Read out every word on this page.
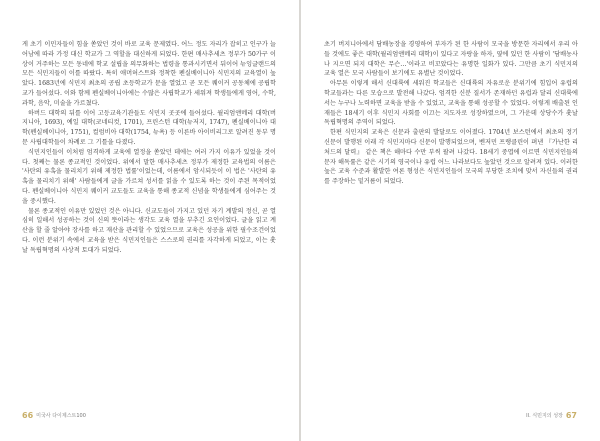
게 초기 이민자들이 힘을 쏟았던 것이 바로 교육 문제였다. 어느 정도 자리가 잡히고 인구가 늘어남에 따라 가정 대신 학교가 그 역할을 대신하게 되었다. 한편 매사추세츠 정부가 50가구 이상이 거주하는 모든 동네에 학교 설립을 의무화하는 법령을 통과시키면서 뒤이어 뉴잉글랜드의 모든 식민지들이 이를 따랐다. 특히 애머허스트와 정착한 펜실베이니아 식민지의 교육열이 높았다. 1683년에 식민지 최초의 공립 초등학교가 문을 열었고 곧 모든 퀘이커 공동체에 공립학교가 들어섰다. 이와 함께 펜실베이니아에는 수많은 사립학교가 세워져 학생들에게 영어, 수학, 과학, 음악, 미술을 가르쳤다.

하버드 대학의 뒤를 이어 고등교육기관들도 식민지 곳곳에 들어섰다. 윌리엄앤메리 대학(버지니아, 1693), 예일 대학(코네티컷, 1701), 프린스턴 대학(뉴저지, 1747), 펜실베이니아 대학(펜실베이니아, 1751), 컬럼비아 대학(1754, 뉴욕) 등 이른바 아이비리그로 알려진 동부 명문 사립대학들이 차례로 그 기틀을 다졌다.

식민지인들이 이처럼 엄격하게 교육에 열정을 쏟았던 데에는 여러 가지 이유가 있었을 것이다. 첫째는 물론 종교적인 것이었다. 위에서 말한 매사추세츠 정부가 제정한 교육법의 이름은 '사탄의 유혹을 물리치기 위해 제정한 법률'이었는데, 이름에서 암시되듯이 이 법은 '사탄의 유혹을 물리치기 위해' 사람들에게 글을 가르쳐 성서를 읽을 수 있도록 하는 것이 주된 목적이었다. 펜실베이니아 식민지 퀘이커 교도들도 교육을 통해 종교적 신념을 학생들에게 심어주는 것을 중시했다.

물론 종교적인 이유만 있었던 것은 아니다. 신교도들이 가지고 있던 자기 계발의 정신, 곧 열심히 일해서 성공하는 것이 신의 뜻이라는 생각도 교육 열을 부추긴 요인이었다. 글을 읽고 계산을 할 줄 알아야 장사를 하고 재산을 관리할 수 있었으므로 교육은 성공을 위한 필수조건이었다. 이런 분위기 속에서 교육을 받은 식민지인들은 스스로의 권리를 자각하게 되었고, 이는 훗날 독립혁명의 사상적 토대가 되었다.

66 미국사 다이제스트100

초기 버지니아에서 담배농장을 경영하여 부자가 된 한 사람이 모국을 방문한 자리에서 우리 아들 것에도 좋은 대학(윌리엄앤메리 대학)이 있다고 자랑을 하자, 옆에 있던 한 사람이 '담배농사나 지으면 되지 대학은 무슨…'이라고 비꼬았다는 유명한 일화가 있다. 그만큼 초기 식민지의 교육 열은 모국 사람들이 보기에도 유별난 것이었다.

아무튼 이렇게 해서 신대륙에 세워진 학교들은 신대륙의 자유로운 분위기에 힘입어 유럽의 학교들과는 다른 모습으로 발전해 나갔다. 엄격한 신분 질서가 존재하던 유럽과 달리 신대륙에서는 누구나 노력하면 교육을 받을 수 있었고, 교육을 통해 성공할 수 있었다. 이렇게 배출된 인재들은 18세기 이후 식민지 사회를 이끄는 지도자로 성장하였으며, 그 가운데 상당수가 훗날 독립혁명의 주역이 되었다.

한편 식민지의 교육은 신문과 출판의 발달로도 이어졌다. 1704년 보스턴에서 최초의 정기 신문이 발행된 이래 각 식민지마다 신문이 발행되었으며, 벤저민 프랭클린이 펴낸 『가난한 리처드의 달력』 같은 책은 해마다 수만 부씩 팔려 나갔다. 18세기 중엽에 이르면 식민지인들의 문자 해독률은 같은 시기의 영국이나 유럽 어느 나라보다도 높았던 것으로 알려져 있다. 이러한 높은 교육 수준과 활발한 여론 형성은 식민지인들이 모국의 부당한 조치에 맞서 자신들의 권리를 주장하는 밑거름이 되었다.

II. 식민지의 성장 67
